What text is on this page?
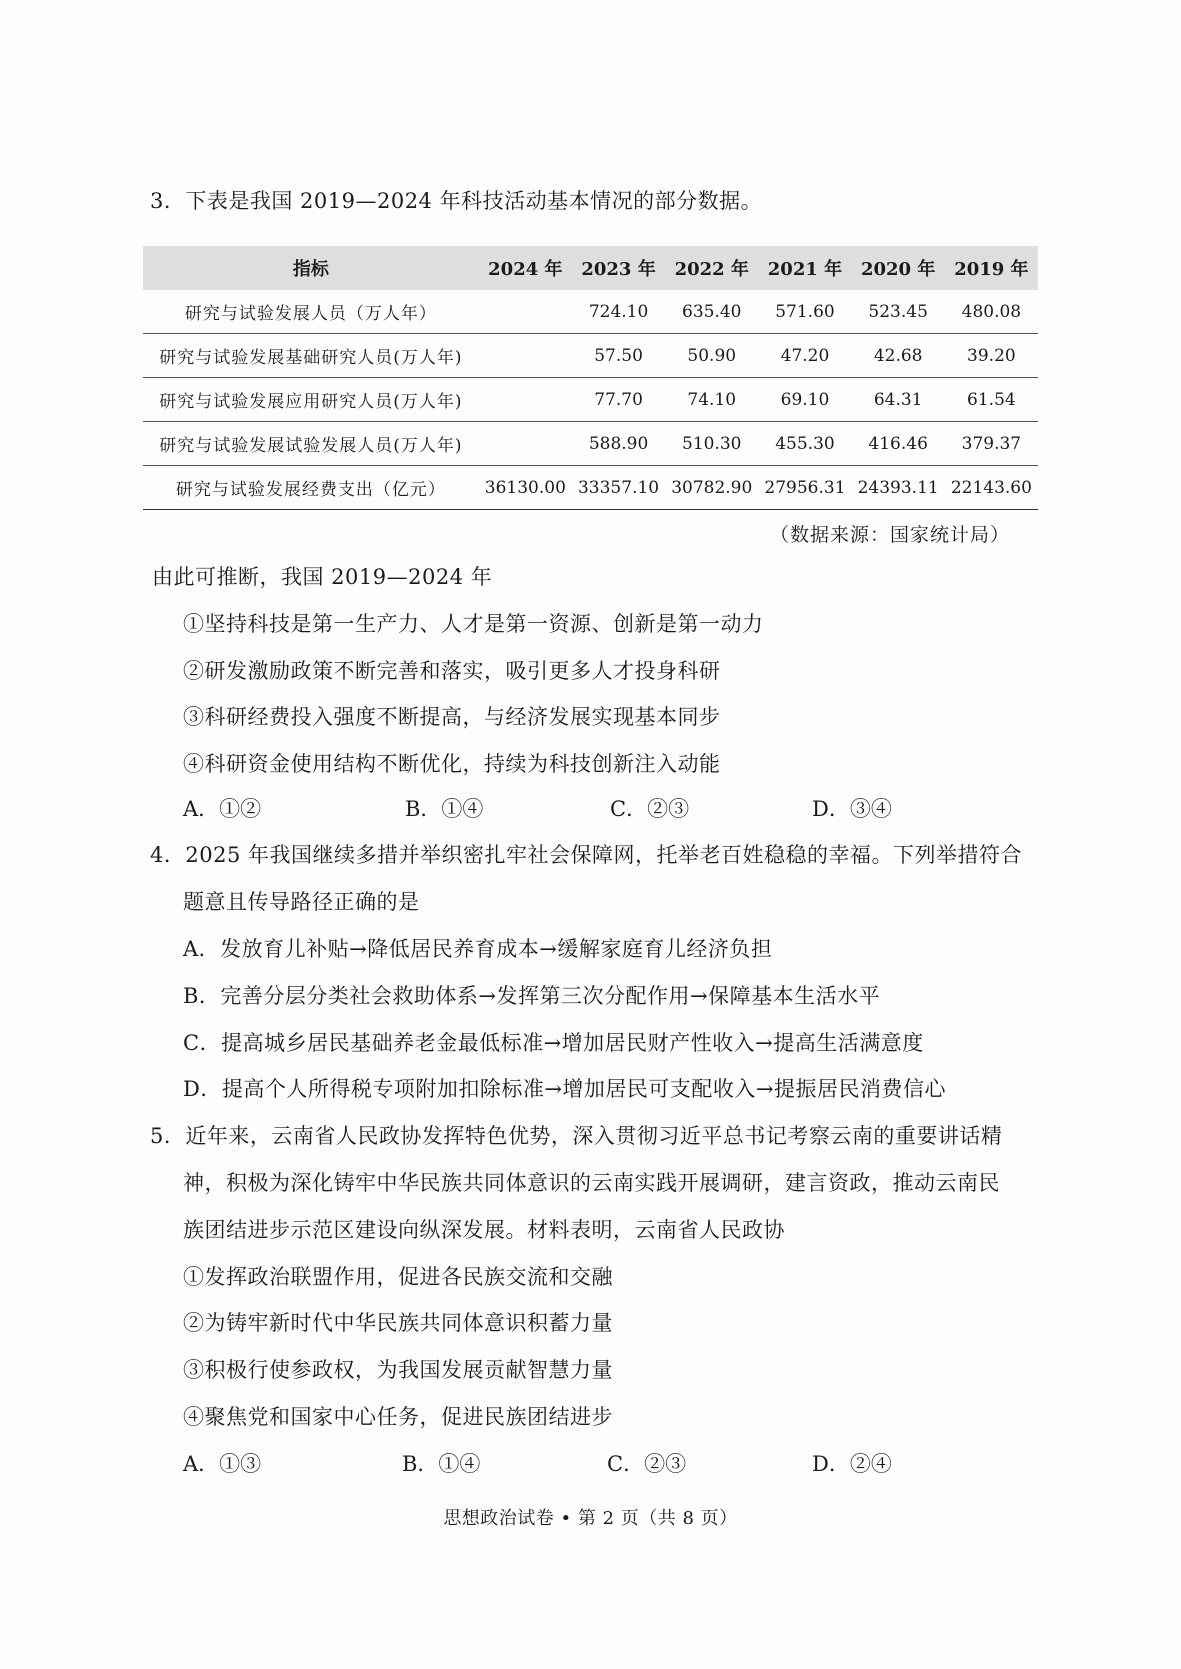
3．下表是我国 2019—2024 年科技活动基本情况的部分数据。
指标	2024 年	2023 年	2022 年	2021 年	2020 年	2019 年
研究与试验发展人员（万人年）		724.10	635.40	571.60	523.45	480.08
研究与试验发展基础研究人员(万人年)		57.50	50.90	47.20	42.68	39.20
研究与试验发展应用研究人员(万人年)		77.70	74.10	69.10	64.31	61.54
研究与试验发展试验发展人员(万人年)		588.90	510.30	455.30	416.46	379.37
研究与试验发展经费支出（亿元）	36130.00	33357.10	30782.90	27956.31	24393.11	22143.60
（数据来源：国家统计局）
由此可推断，我国 2019—2024 年
①坚持科技是第一生产力、人才是第一资源、创新是第一动力
②研发激励政策不断完善和落实，吸引更多人才投身科研
③科研经费投入强度不断提高，与经济发展实现基本同步
④科研资金使用结构不断优化，持续为科技创新注入动能
A．①②	B．①④	C．②③	D．③④
4．2025 年我国继续多措并举织密扎牢社会保障网，托举老百姓稳稳的幸福。下列举措符合
题意且传导路径正确的是
A．发放育儿补贴→降低居民养育成本→缓解家庭育儿经济负担
B．完善分层分类社会救助体系→发挥第三次分配作用→保障基本生活水平
C．提高城乡居民基础养老金最低标准→增加居民财产性收入→提高生活满意度
D．提高个人所得税专项附加扣除标准→增加居民可支配收入→提振居民消费信心
5．近年来，云南省人民政协发挥特色优势，深入贯彻习近平总书记考察云南的重要讲话精
神，积极为深化铸牢中华民族共同体意识的云南实践开展调研，建言资政，推动云南民
族团结进步示范区建设向纵深发展。材料表明，云南省人民政协
①发挥政治联盟作用，促进各民族交流和交融
②为铸牢新时代中华民族共同体意识积蓄力量
③积极行使参政权，为我国发展贡献智慧力量
④聚焦党和国家中心任务，促进民族团结进步
A．①③	B．①④	C．②③	D．②④
思想政治试卷 • 第 2 页（共 8 页）
